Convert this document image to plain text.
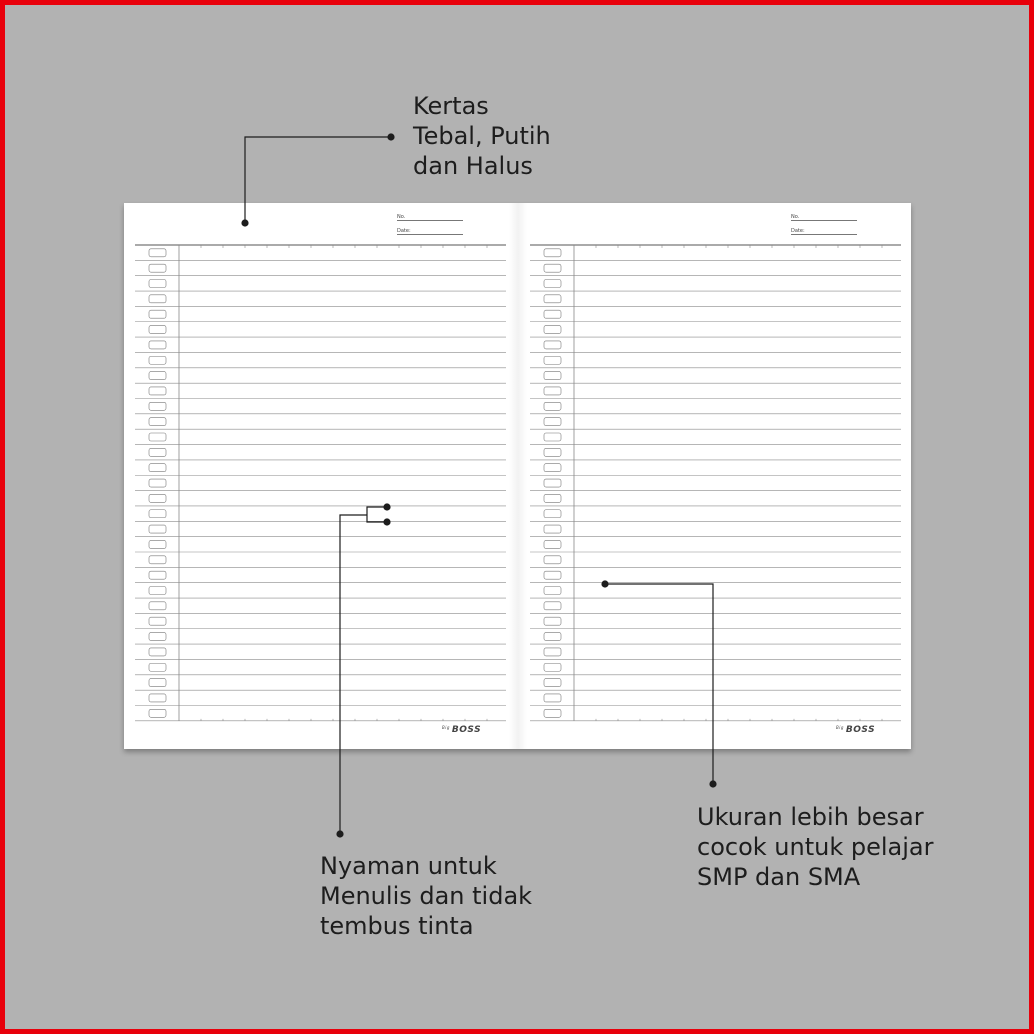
No.
Date:
$^{Big}$ BOSS
No.
Date:
$^{Big}$ BOSS
Kertas
Tebal, Putih
dan Halus
Nyaman untuk
Menulis dan tidak
tembus tinta
Ukuran lebih besar
cocok untuk pelajar
SMP dan SMA
